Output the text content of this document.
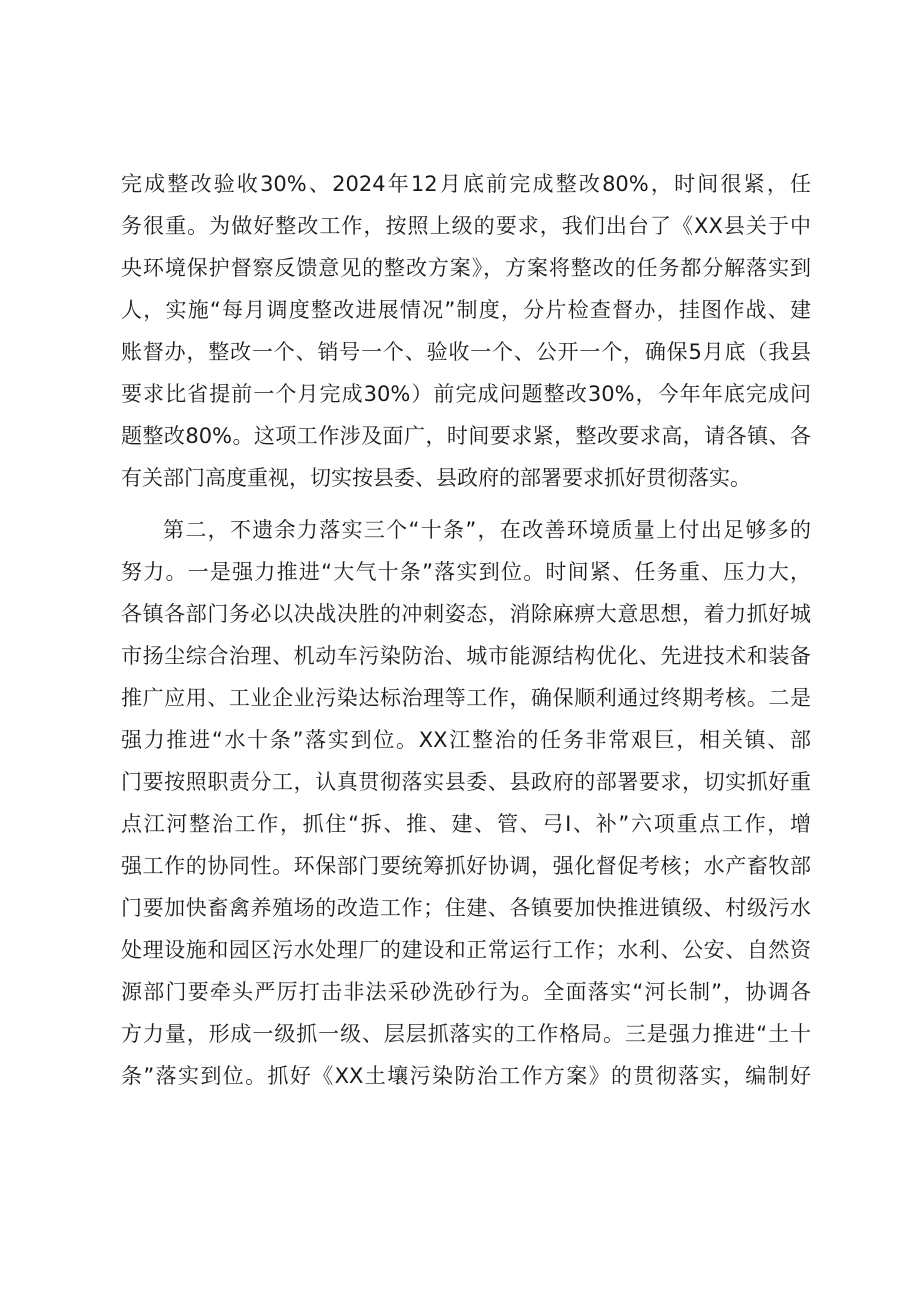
完成整改验收30%、2024年12月底前完成整改80%，时间很紧，任
务很重。为做好整改工作，按照上级的要求，我们出台了《XX县关于中
央环境保护督察反馈意见的整改方案》，方案将整改的任务都分解落实到
人，实施“每月调度整改进展情况”制度，分片检查督办，挂图作战、建
账督办，整改一个、销号一个、验收一个、公开一个，确保5月底（我县
要求比省提前一个月完成30%）前完成问题整改30%，今年年底完成问
题整改80%。这项工作涉及面广，时间要求紧，整改要求高，请各镇、各
有关部门高度重视，切实按县委、县政府的部署要求抓好贯彻落实。
第二，不遗余力落实三个“十条”，在改善环境质量上付出足够多的
努力。一是强力推进“大气十条”落实到位。时间紧、任务重、压力大，
各镇各部门务必以决战决胜的冲刺姿态，消除麻痹大意思想，着力抓好城
市扬尘综合治理、机动车污染防治、城市能源结构优化、先进技术和装备
推广应用、工业企业污染达标治理等工作，确保顺利通过终期考核。二是
强力推进“水十条”落实到位。XX江整治的任务非常艰巨，相关镇、部
门要按照职责分工，认真贯彻落实县委、县政府的部署要求，切实抓好重
点江河整治工作，抓住“拆、推、建、管、弓I、补”六项重点工作，增
强工作的协同性。环保部门要统筹抓好协调，强化督促考核；水产畜牧部
门要加快畜禽养殖场的改造工作；住建、各镇要加快推进镇级、村级污水
处理设施和园区污水处理厂的建设和正常运行工作；水利、公安、自然资
源部门要牵头严厉打击非法采砂洗砂行为。全面落实“河长制”，协调各
方力量，形成一级抓一级、层层抓落实的工作格局。三是强力推进“土十
条”落实到位。抓好《XX土壤污染防治工作方案》的贯彻落实，编制好
